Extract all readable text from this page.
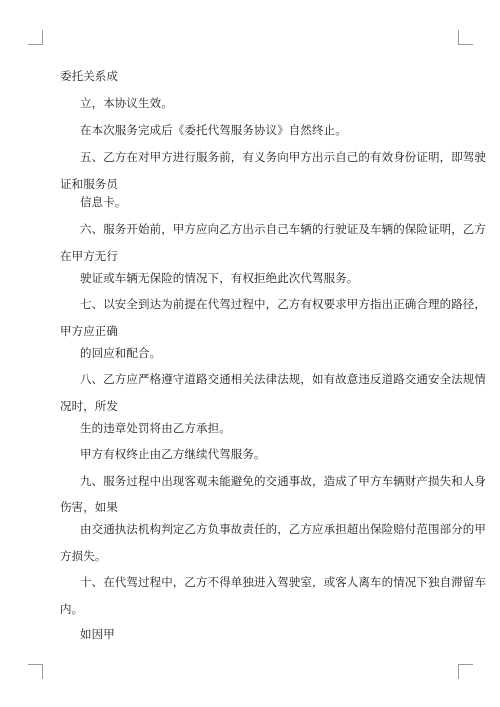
委托关系成
立，本协议生效。
在本次服务完成后《委托代驾服务协议》自然终止。
五、乙方在对甲方进行服务前，有义务向甲方出示自己的有效身份证明，即驾驶
证和服务员
信息卡。
六、服务开始前，甲方应向乙方出示自己车辆的行驶证及车辆的保险证明，乙方
在甲方无行
驶证或车辆无保险的情况下，有权拒绝此次代驾服务。
七、以安全到达为前提在代驾过程中，乙方有权要求甲方指出正确合理的路径，
甲方应正确
的回应和配合。
八、乙方应严格遵守道路交通相关法律法规，如有故意违反道路交通安全法规情
况时，所发
生的违章处罚将由乙方承担。
甲方有权终止由乙方继续代驾服务。
九、服务过程中出现客观未能避免的交通事故，造成了甲方车辆财产损失和人身
伤害，如果
由交通执法机构判定乙方负事故责任的，乙方应承担超出保险赔付范围部分的甲
方损失。
十、在代驾过程中，乙方不得单独进入驾驶室，或客人离车的情况下独自滞留车
内。
如因甲
